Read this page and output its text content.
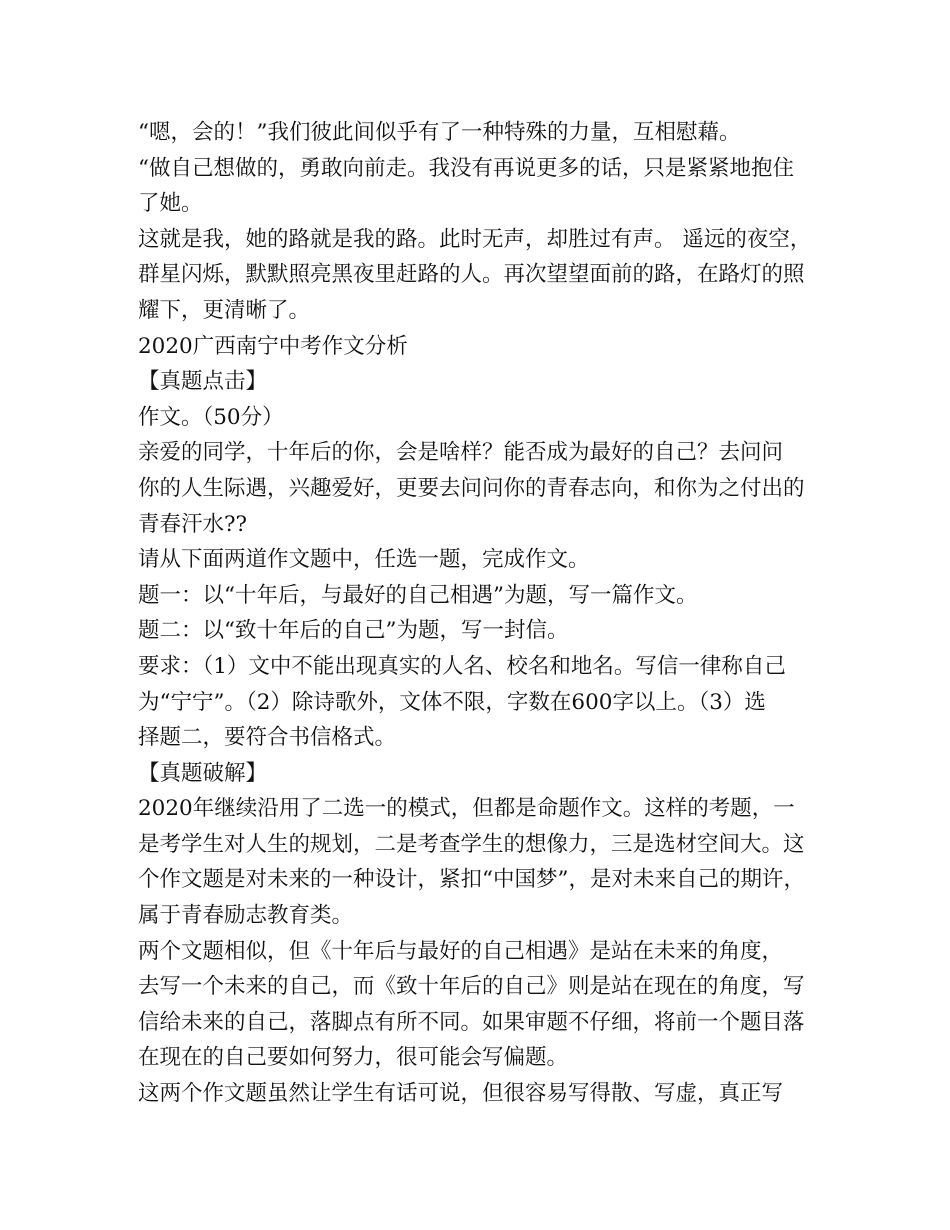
“嗯，会的！”我们彼此间似乎有了一种特殊的力量，互相慰藉。
“做自己想做的，勇敢向前走。我没有再说更多的话，只是紧紧地抱住
了她。
这就是我，她的路就是我的路。此时无声，却胜过有声。 遥远的夜空，
群星闪烁，默默照亮黑夜里赶路的人。再次望望面前的路，在路灯的照
耀下，更清晰了。
2020广西南宁中考作文分析
【真题点击】
作文。（50分）
亲爱的同学，十年后的你，会是啥样？能否成为最好的自己？去问问
你的人生际遇，兴趣爱好，更要去问问你的青春志向，和你为之付出的
青春汗水??
请从下面两道作文题中，任选一题，完成作文。
题一：以“十年后，与最好的自己相遇”为题，写一篇作文。
题二：以“致十年后的自己”为题，写一封信。
要求：（1）文中不能出现真实的人名、校名和地名。写信一律称自己
为“宁宁”。（2）除诗歌外，文体不限，字数在600字以上。（3）选
择题二，要符合书信格式。
【真题破解】
2020年继续沿用了二选一的模式，但都是命题作文。这样的考题，一
是考学生对人生的规划，二是考查学生的想像力，三是选材空间大。这
个作文题是对未来的一种设计，紧扣“中国梦”，是对未来自己的期许，
属于青春励志教育类。
两个文题相似，但《十年后与最好的自己相遇》是站在未来的角度，
去写一个未来的自己，而《致十年后的自己》则是站在现在的角度，写
信给未来的自己，落脚点有所不同。如果审题不仔细，将前一个题目落
在现在的自己要如何努力，很可能会写偏题。
这两个作文题虽然让学生有话可说，但很容易写得散、写虚，真正写
